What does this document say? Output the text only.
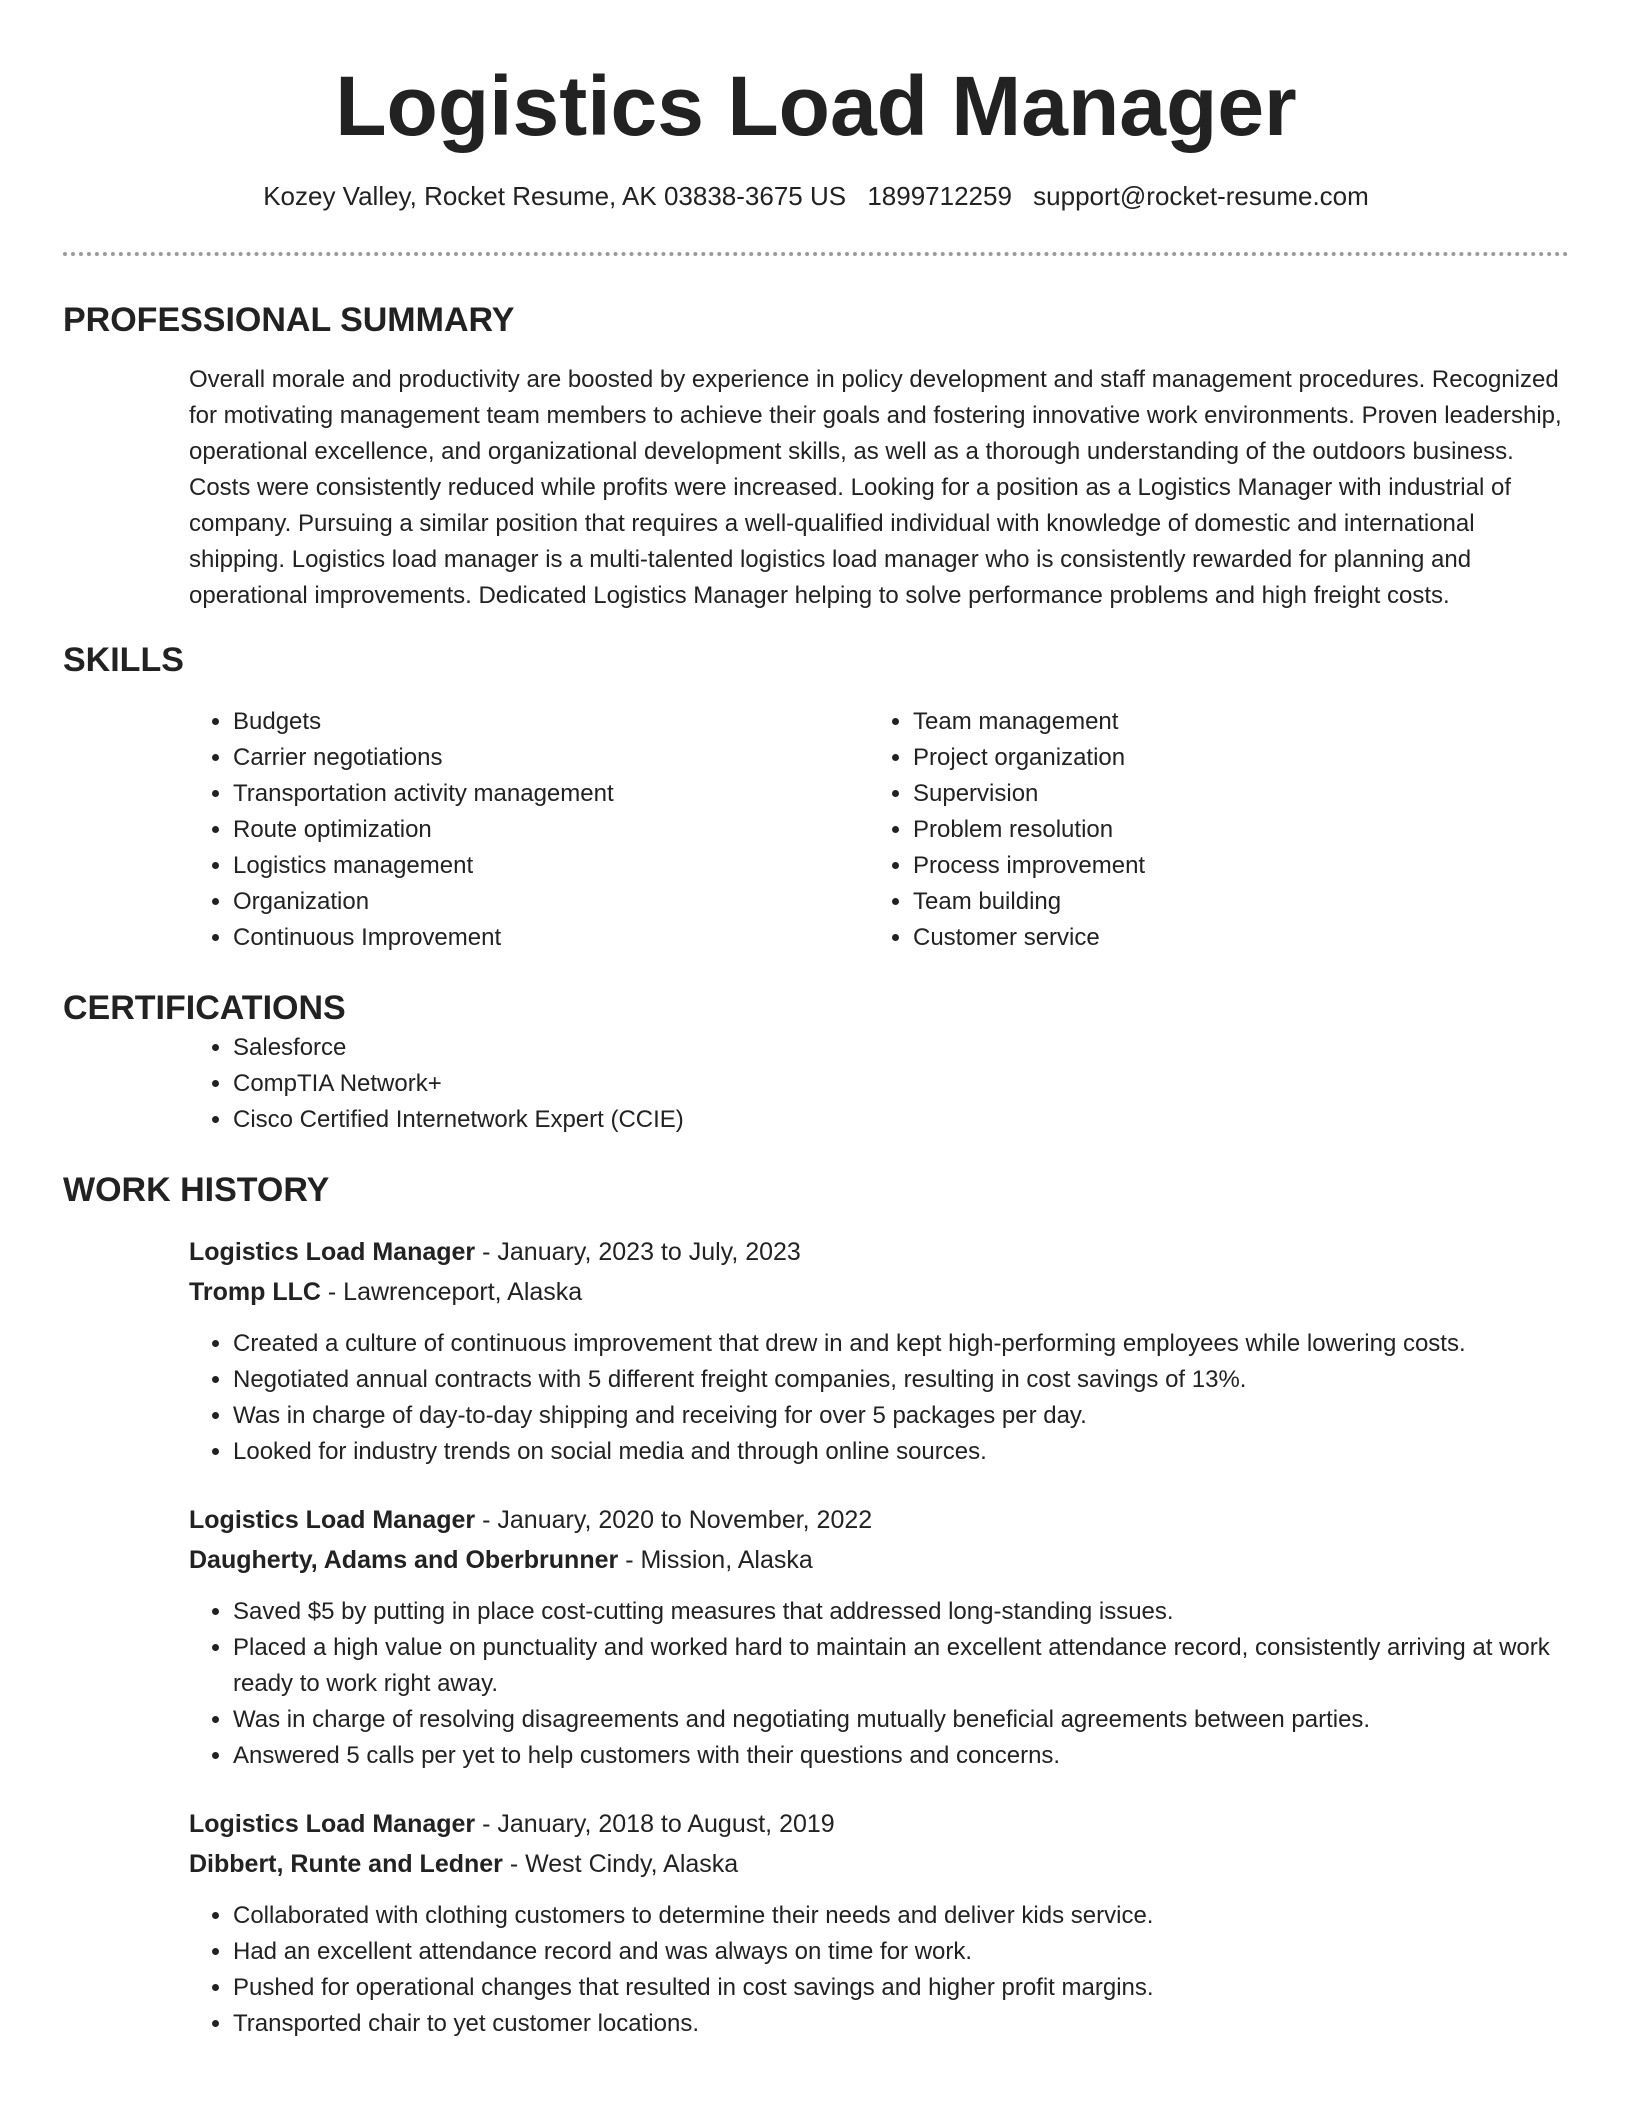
Logistics Load Manager
Kozey Valley, Rocket Resume, AK 03838-3675 US 1899712259 support@rocket-resume.com
PROFESSIONAL SUMMARY

Overall morale and productivity are boosted by experience in policy development and staff management procedures. Recognized for motivating management team members to achieve their goals and fostering innovative work environments. Proven leadership, operational excellence, and organizational development skills, as well as a thorough understanding of the outdoors business. Costs were consistently reduced while profits were increased. Looking for a position as a Logistics Manager with industrial of company. Pursuing a similar position that requires a well-qualified individual with knowledge of domestic and international shipping. Logistics load manager is a multi-talented logistics load manager who is consistently rewarded for planning and operational improvements. Dedicated Logistics Manager helping to solve performance problems and high freight costs.

SKILLS
• Budgets
• Carrier negotiations
• Transportation activity management
• Route optimization
• Logistics management
• Organization
• Continuous Improvement
• Team management
• Project organization
• Supervision
• Problem resolution
• Process improvement
• Team building
• Customer service
CERTIFICATIONS
• Salesforce
• CompTIA Network+
• Cisco Certified Internetwork Expert (CCIE)
WORK HISTORY
Logistics Load Manager - January, 2023 to July, 2023
Tromp LLC - Lawrenceport, Alaska
• Created a culture of continuous improvement that drew in and kept high-performing employees while lowering costs.
• Negotiated annual contracts with 5 different freight companies, resulting in cost savings of 13%.
• Was in charge of day-to-day shipping and receiving for over 5 packages per day.
• Looked for industry trends on social media and through online sources.
Logistics Load Manager - January, 2020 to November, 2022
Daugherty, Adams and Oberbrunner - Mission, Alaska
• Saved $5 by putting in place cost-cutting measures that addressed long-standing issues.
• Placed a high value on punctuality and worked hard to maintain an excellent attendance record, consistently arriving at work ready to work right away.
• Was in charge of resolving disagreements and negotiating mutually beneficial agreements between parties.
• Answered 5 calls per yet to help customers with their questions and concerns.
Logistics Load Manager - January, 2018 to August, 2019
Dibbert, Runte and Ledner - West Cindy, Alaska
• Collaborated with clothing customers to determine their needs and deliver kids service.
• Had an excellent attendance record and was always on time for work.
• Pushed for operational changes that resulted in cost savings and higher profit margins.
• Transported chair to yet customer locations.
